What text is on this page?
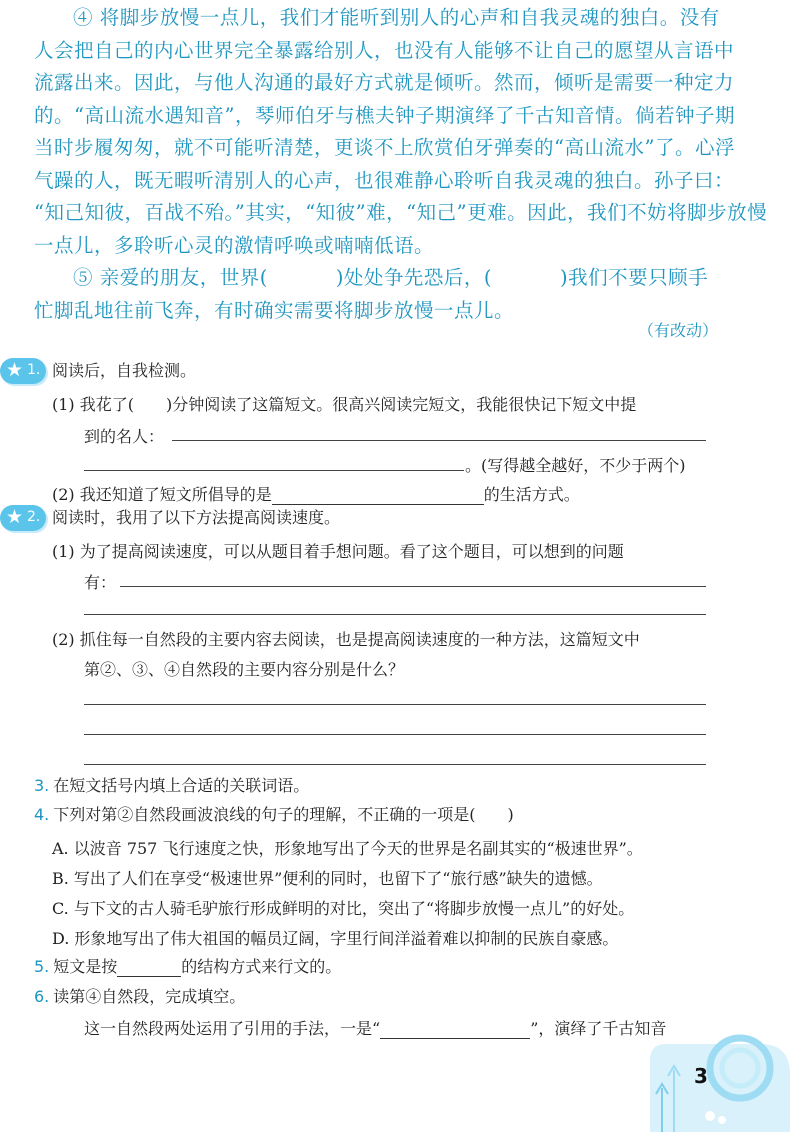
④ 将脚步放慢一点儿，我们才能听到别人的心声和自我灵魂的独白。没有

人会把自己的内心世界完全暴露给别人，也没有人能够不让自己的愿望从言语中
流露出来。因此，与他人沟通的最好方式就是倾听。然而，倾听是需要一种定力
的。“高山流水遇知音”，琴师伯牙与樵夫钟子期演绎了千古知音情。倘若钟子期
当时步履匆匆，就不可能听清楚，更谈不上欣赏伯牙弹奏的“高山流水”了。心浮
气躁的人，既无暇听清别人的心声，也很难静心聆听自我灵魂的独白。孙子曰：
“知己知彼，百战不殆。”其实，“知彼”难，“知己”更难。因此，我们不妨将脚步放慢
一点儿，多聆听心灵的激情呼唤或喃喃低语。

⑤ 亲爱的朋友，世界(	)处处争先恐后，(	)我们不要只顾手

忙脚乱地往前飞奔，有时确实需要将脚步放慢一点儿。

（有改动）
★ 1. 阅读后，自我检测。
(1) 我花了( )分钟阅读了这篇短文。很高兴阅读完短文，我能很快记下短文中提
到的名人：
。(写得越全越好，不少于两个)
(2) 我还知道了短文所倡导的是	的生活方式。
★ 2. 阅读时，我用了以下方法提高阅读速度。
(1) 为了提高阅读速度，可以从题目着手想问题。看了这个题目，可以想到的问题
有：
(2) 抓住每一自然段的主要内容去阅读，也是提高阅读速度的一种方法，这篇短文中
第②、③、④自然段的主要内容分别是什么？
3. 在短文括号内填上合适的关联词语。
4. 下列对第②自然段画波浪线的句子的理解，不正确的一项是( )
A. 以波音 757 飞行速度之快，形象地写出了今天的世界是名副其实的“极速世界”。
B. 写出了人们在享受“极速世界”便利的同时，也留下了“旅行感”缺失的遗憾。
C. 与下文的古人骑毛驴旅行形成鲜明的对比，突出了“将脚步放慢一点儿”的好处。
D. 形象地写出了伟大祖国的幅员辽阔，字里行间洋溢着难以抑制的民族自豪感。
5. 短文是按	的结构方式来行文的。
6. 读第④自然段，完成填空。
这一自然段两处运用了引用的手法，一是“	”，演绎了千古知音
3
